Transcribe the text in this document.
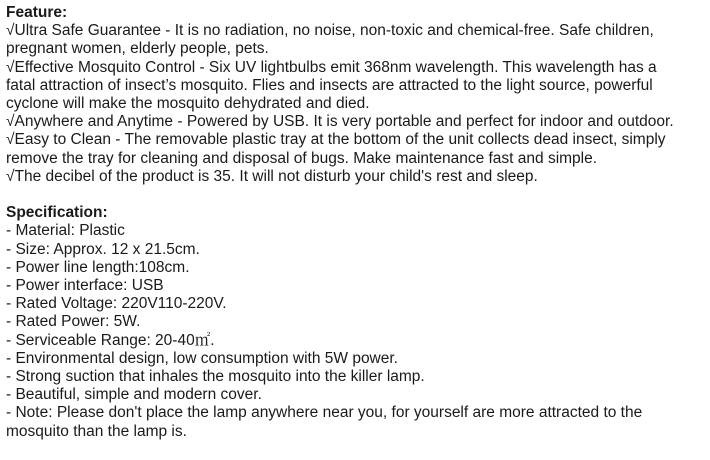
Feature:

√Ultra Safe Guarantee - It is no radiation, no noise, non-toxic and chemical-free. Safe children,

pregnant women, elderly people, pets.

√Effective Mosquito Control - Six UV lightbulbs emit 368nm wavelength. This wavelength has a

fatal attraction of insect’s mosquito. Flies and insects are attracted to the light source, powerful

cyclone will make the mosquito dehydrated and died.

√Anywhere and Anytime - Powered by USB. It is very portable and perfect for indoor and outdoor.

√Easy to Clean - The removable plastic tray at the bottom of the unit collects dead insect, simply

remove the tray for cleaning and disposal of bugs. Make maintenance fast and simple.

√The decibel of the product is 35. It will not disturb your child's rest and sleep.

Specification:

- Material: Plastic

- Size: Approx. 12 x 21.5cm.

- Power line length:108cm.

- Power interface: USB

- Rated Voltage: 220V110-220V.

- Rated Power: 5W.

- Serviceable Range: 20-40㎡.

- Environmental design, low consumption with 5W power.

- Strong suction that inhales the mosquito into the killer lamp.

- Beautiful, simple and modern cover.

- Note: Please don't place the lamp anywhere near you, for yourself are more attracted to the

mosquito than the lamp is.
